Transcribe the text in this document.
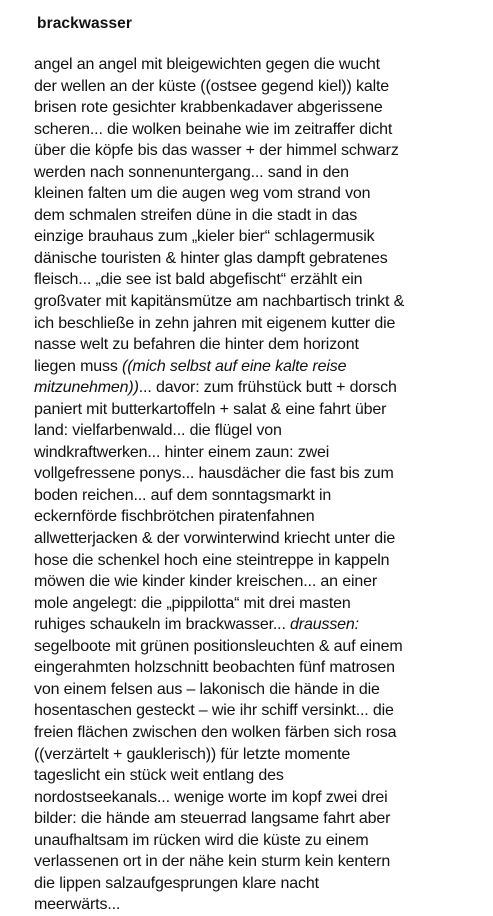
brackwasser
angel an angel mit bleigewichten gegen die wucht
der wellen an der küste ((ostsee gegend kiel)) kalte
brisen rote gesichter krabbenkadaver abgerissene
scheren... die wolken beinahe wie im zeitraffer dicht
über die köpfe bis das wasser + der himmel schwarz
werden nach sonnenuntergang... sand in den
kleinen falten um die augen weg vom strand von
dem schmalen streifen düne in die stadt in das
einzige brauhaus zum „kieler bier“ schlagermusik
dänische touristen & hinter glas dampft gebratenes
fleisch... „die see ist bald abgefischt“ erzählt ein
großvater mit kapitänsmütze am nachbartisch trinkt &
ich beschließe in zehn jahren mit eigenem kutter die
nasse welt zu befahren die hinter dem horizont
liegen muss ((mich selbst auf eine kalte reise
mitzunehmen))... davor: zum frühstück butt + dorsch
paniert mit butterkartoffeln + salat & eine fahrt über
land: vielfarbenwald... die flügel von
windkraftwerken... hinter einem zaun: zwei
vollgefressene ponys... hausdächer die fast bis zum
boden reichen... auf dem sonntagsmarkt in
eckernförde fischbrötchen piratenfahnen
allwetterjacken & der vorwinterwind kriecht unter die
hose die schenkel hoch eine steintreppe in kappeln
möwen die wie kinder kinder kreischen... an einer
mole angelegt: die „pippilotta“ mit drei masten
ruhiges schaukeln im brackwasser... draussen:
segelboote mit grünen positionsleuchten & auf einem
eingerahmten holzschnitt beobachten fünf matrosen
von einem felsen aus – lakonisch die hände in die
hosentaschen gesteckt – wie ihr schiff versinkt... die
freien flächen zwischen den wolken färben sich rosa
((verzärtelt + gauklerisch)) für letzte momente
tageslicht ein stück weit entlang des
nordostseekanals... wenige worte im kopf zwei drei
bilder: die hände am steuerrad langsame fahrt aber
unaufhaltsam im rücken wird die küste zu einem
verlassenen ort in der nähe kein sturm kein kentern
die lippen salzaufgesprungen klare nacht
meerwärts...
